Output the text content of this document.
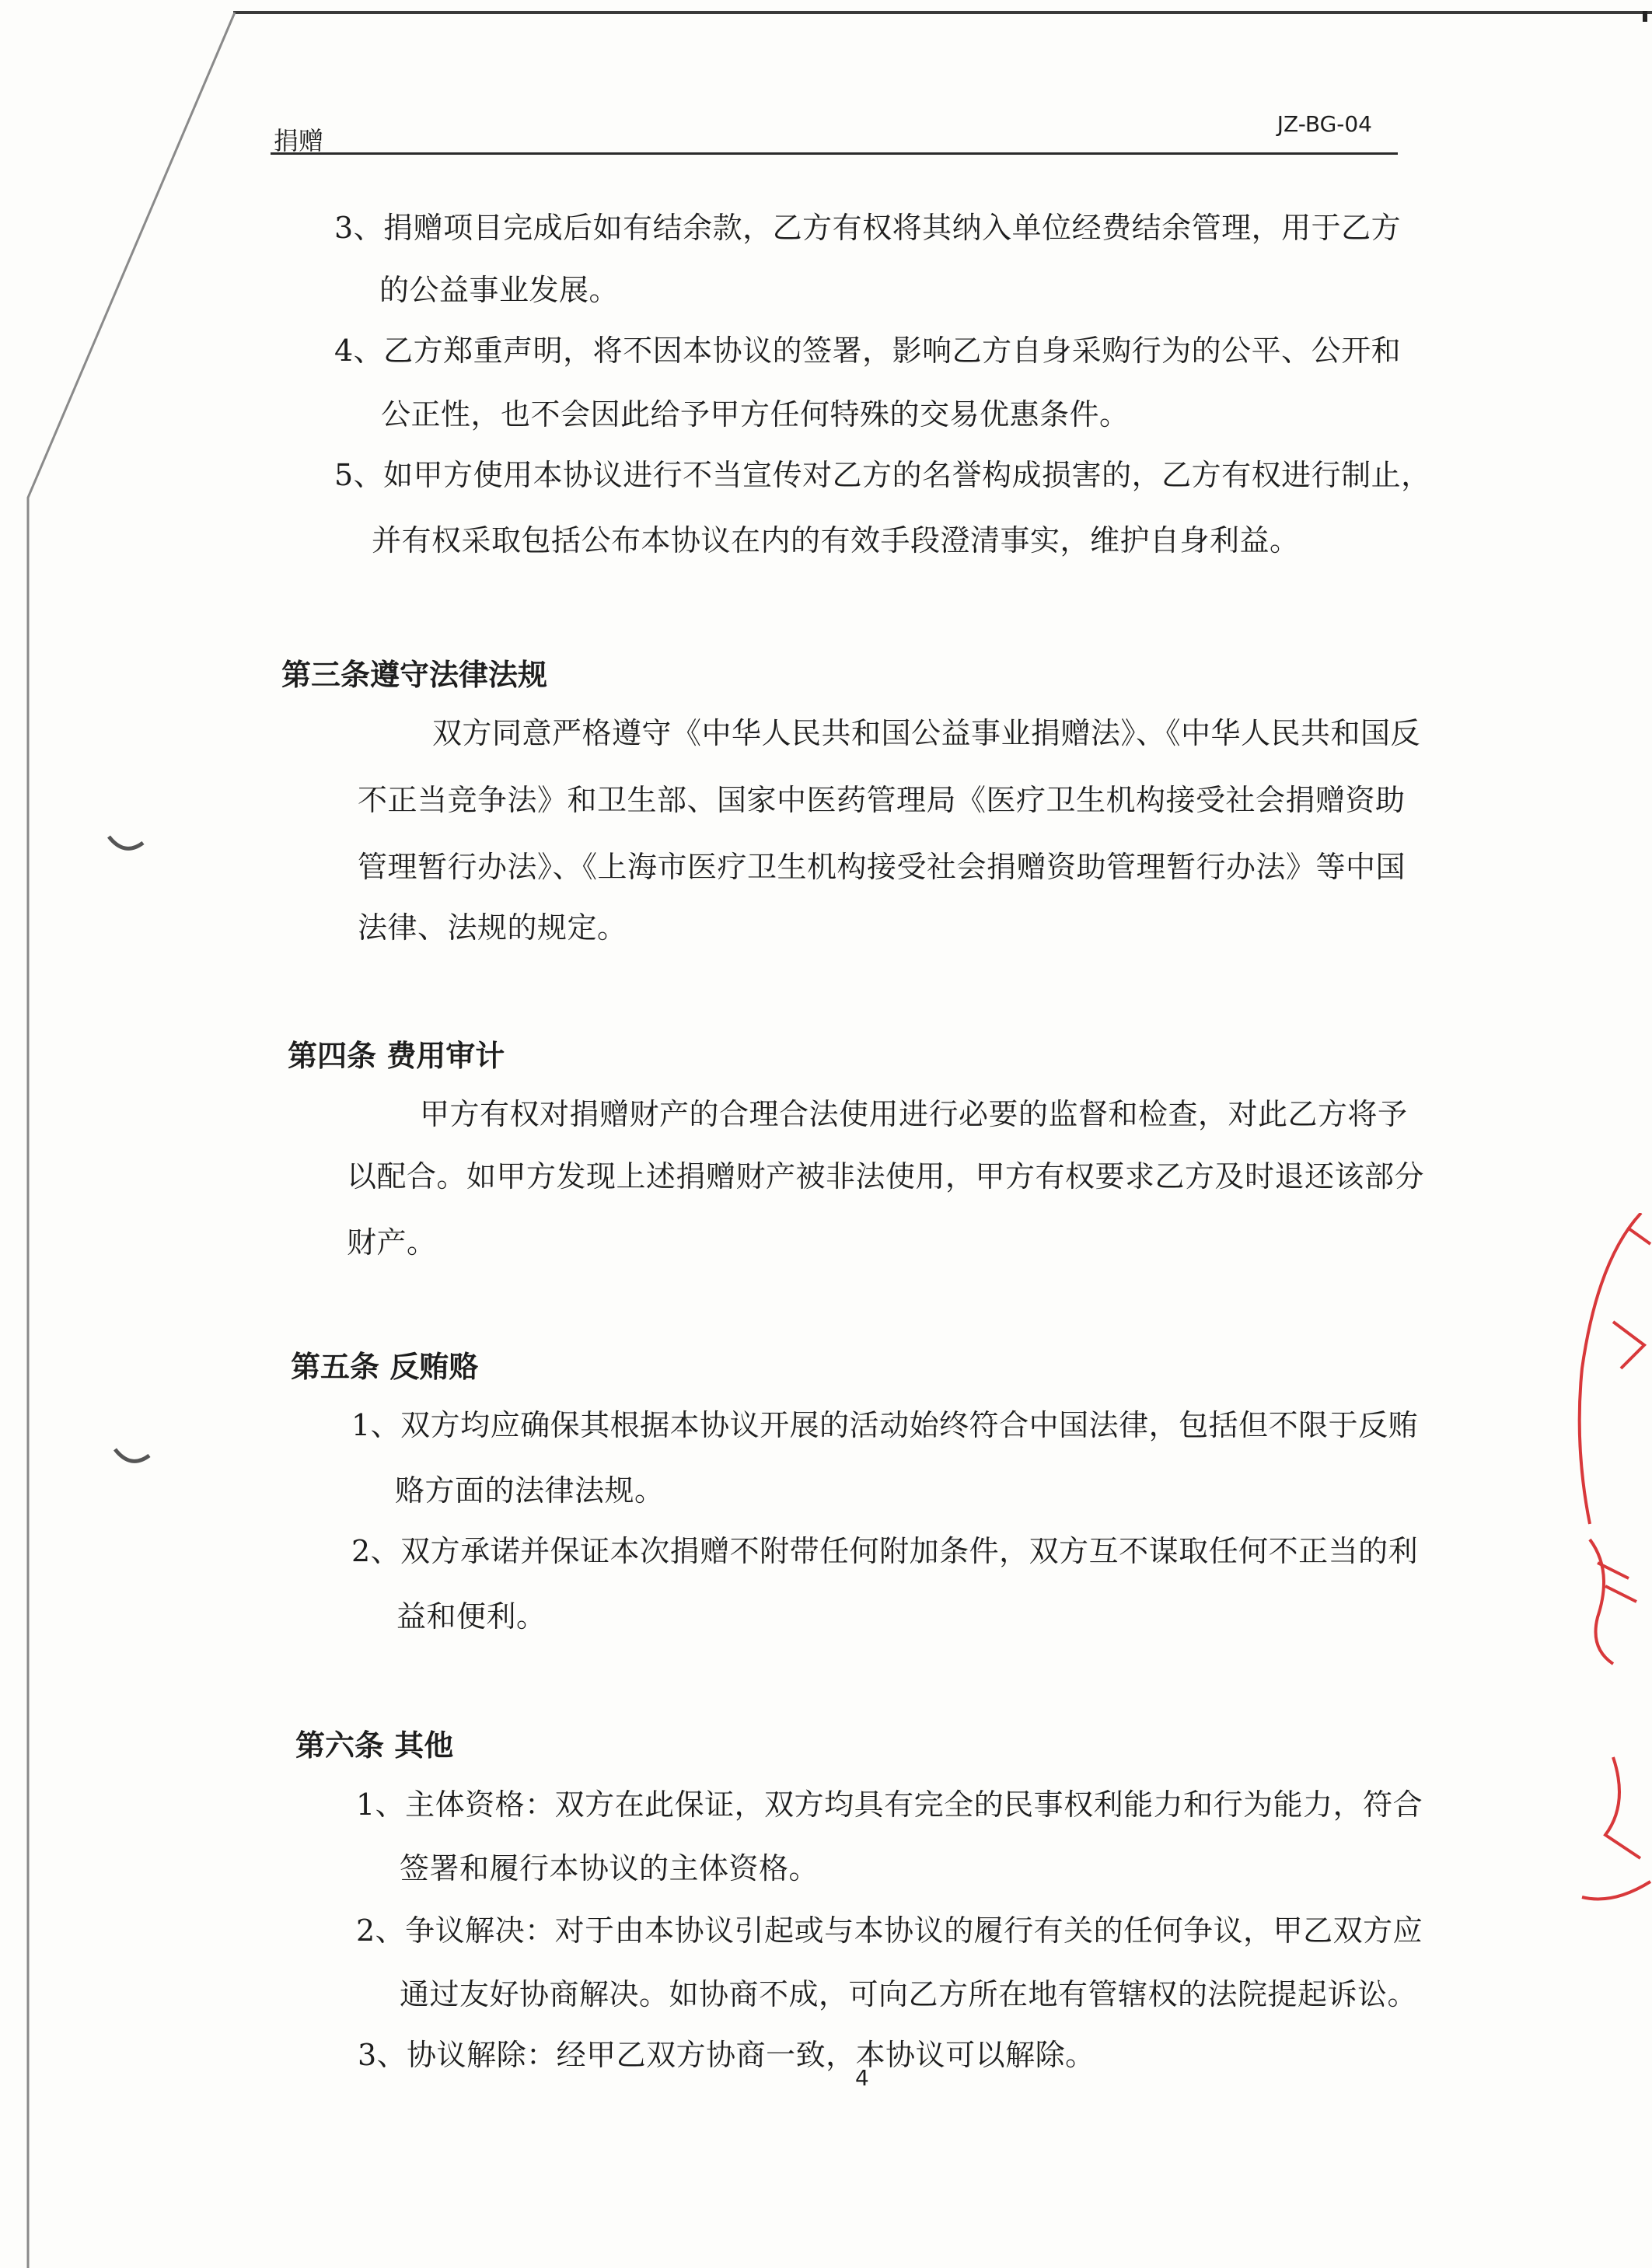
捐赠
JZ-BG-04
3、捐赠项目完成后如有结余款，乙方有权将其纳入单位经费结余管理，用于乙方
的公益事业发展。
4、乙方郑重声明，将不因本协议的签署，影响乙方自身采购行为的公平、公开和
公正性，也不会因此给予甲方任何特殊的交易优惠条件。
5、如甲方使用本协议进行不当宣传对乙方的名誉构成损害的，乙方有权进行制止，
并有权采取包括公布本协议在内的有效手段澄清事实，维护自身利益。
第三条遵守法律法规
双方同意严格遵守《中华人民共和国公益事业捐赠法》、《中华人民共和国反
不正当竞争法》和卫生部、国家中医药管理局《医疗卫生机构接受社会捐赠资助
管理暂行办法》、《上海市医疗卫生机构接受社会捐赠资助管理暂行办法》等中国
法律、法规的规定。
第四条 费用审计
甲方有权对捐赠财产的合理合法使用进行必要的监督和检查，对此乙方将予
以配合。如甲方发现上述捐赠财产被非法使用，甲方有权要求乙方及时退还该部分
财产。
第五条 反贿赂
1、双方均应确保其根据本协议开展的活动始终符合中国法律，包括但不限于反贿
赂方面的法律法规。
2、双方承诺并保证本次捐赠不附带任何附加条件，双方互不谋取任何不正当的利
益和便利。
第六条 其他
1、主体资格：双方在此保证，双方均具有完全的民事权利能力和行为能力，符合
签署和履行本协议的主体资格。
2、争议解决：对于由本协议引起或与本协议的履行有关的任何争议，甲乙双方应
通过友好协商解决。如协商不成，可向乙方所在地有管辖权的法院提起诉讼。
3、协议解除：经甲乙双方协商一致，本协议可以解除。
4
